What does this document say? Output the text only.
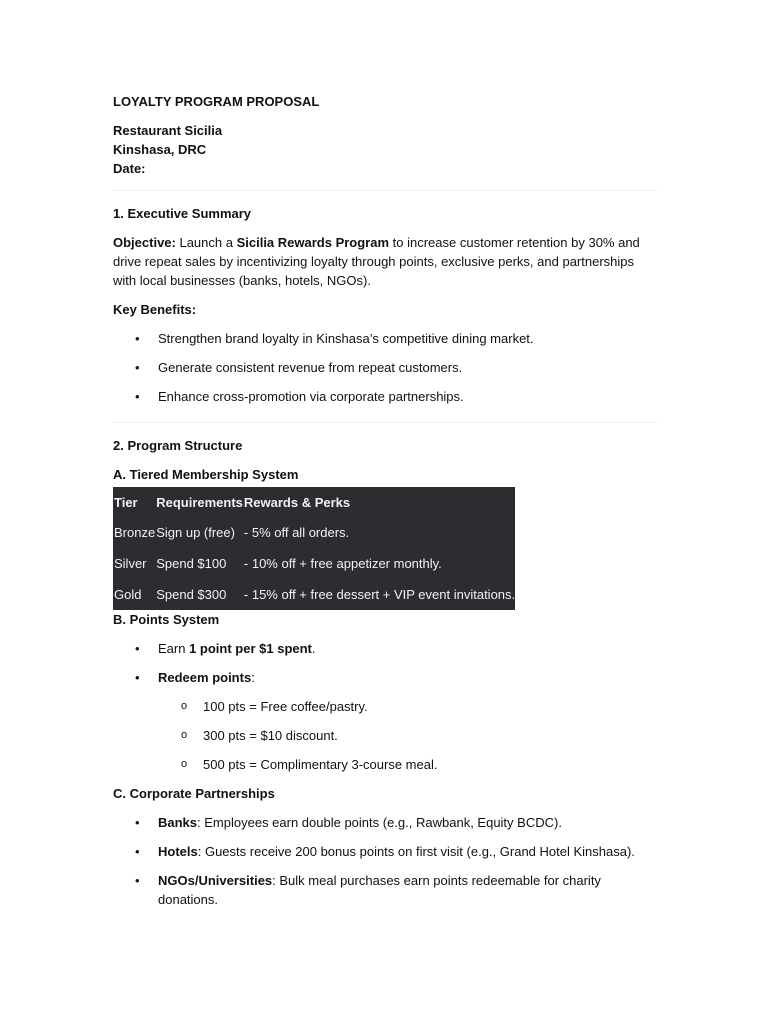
LOYALTY PROGRAM PROPOSAL

Restaurant Sicilia

Kinshasa, DRC

Date:

1. Executive Summary

Objective: Launch a Sicilia Rewards Program to increase customer retention by 30% and drive repeat sales by incentivizing loyalty through points, exclusive perks, and partnerships with local businesses (banks, hotels, NGOs).

Key Benefits:

• Strengthen brand loyalty in Kinshasa’s competitive dining market.
• Generate consistent revenue from repeat customers.
• Enhance cross-promotion via corporate partnerships.

2. Program Structure

A. Tiered Membership System

Tier	Requirements	Rewards & Perks
Bronze	Sign up (free)	- 5% off all orders.
Silver	Spend $100	- 10% off + free appetizer monthly.
Gold	Spend $300	- 15% off + free dessert + VIP event invitations.

B. Points System

• Earn 1 point per $1 spent.
• Redeem points:
o 100 pts = Free coffee/pastry.
o 300 pts = $10 discount.
o 500 pts = Complimentary 3-course meal.

C. Corporate Partnerships

• Banks: Employees earn double points (e.g., Rawbank, Equity BCDC).
• Hotels: Guests receive 200 bonus points on first visit (e.g., Grand Hotel Kinshasa).
• NGOs/Universities: Bulk meal purchases earn points redeemable for charity donations.
